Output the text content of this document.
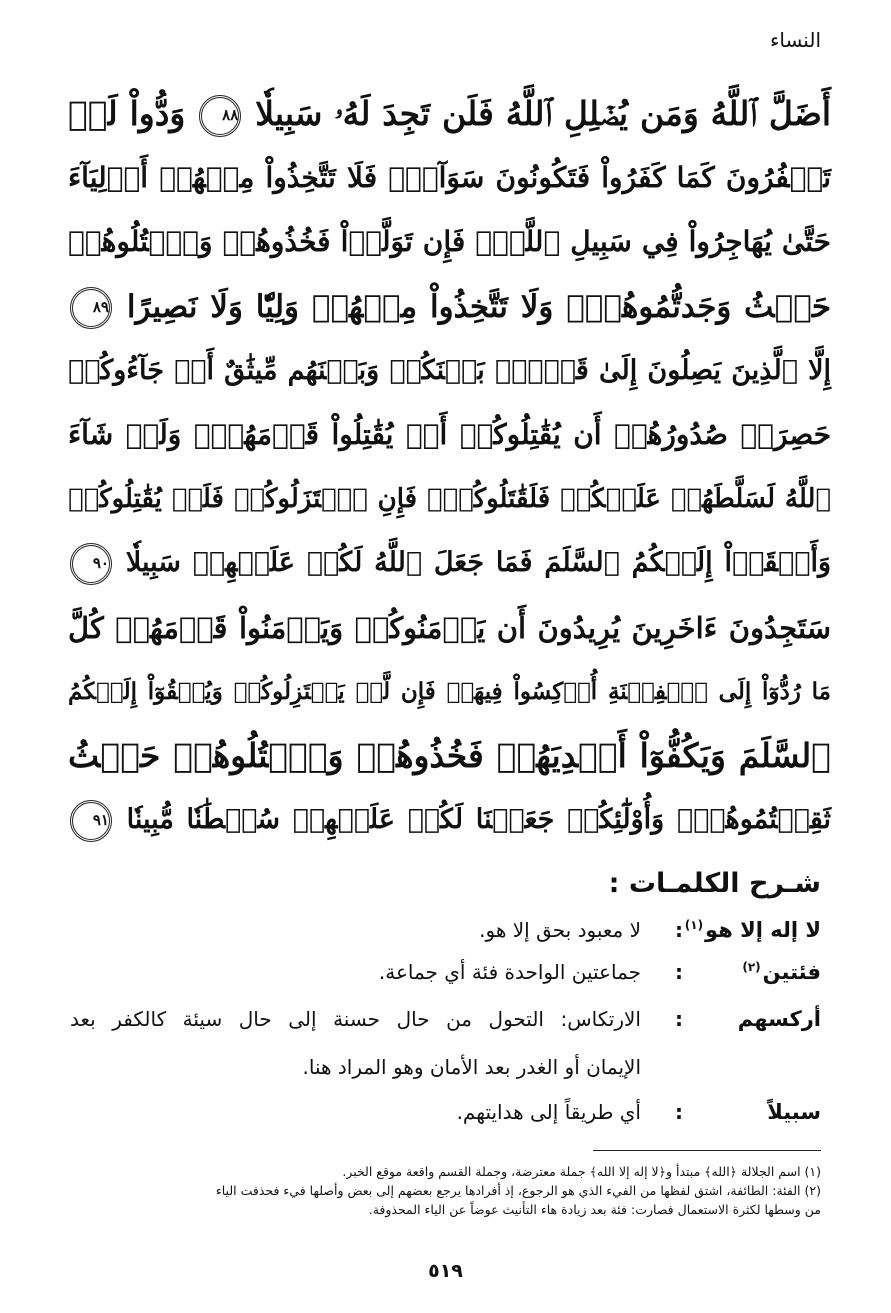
النساء
أَضَلَّ ٱللَّهُ وَمَن يُضۡلِلِ ٱللَّهُ فَلَن تَجِدَ لَهُۥ سَبِيلٗا ٨٨ وَدُّواْ لَوۡ
تَكۡفُرُونَ كَمَا كَفَرُواْ فَتَكُونُونَ سَوَآءٗۖ فَلَا تَتَّخِذُواْ مِنۡهُمۡ أَوۡلِيَآءَ
حَتَّىٰ يُهَاجِرُواْ فِي سَبِيلِ ٱللَّهِۚ فَإِن تَوَلَّوۡاْ فَخُذُوهُمۡ وَٱقۡتُلُوهُمۡ
حَيۡثُ وَجَدتُّمُوهُمۡۖ وَلَا تَتَّخِذُواْ مِنۡهُمۡ وَلِيّٗا وَلَا نَصِيرًا ٨٩
إِلَّا ٱلَّذِينَ يَصِلُونَ إِلَىٰ قَوۡمِۭ بَيۡنَكُمۡ وَبَيۡنَهُم مِّيثَٰقٌ أَوۡ جَآءُوكُمۡ
حَصِرَتۡ صُدُورُهُمۡ أَن يُقَٰتِلُوكُمۡ أَوۡ يُقَٰتِلُواْ قَوۡمَهُمۡۚ وَلَوۡ شَآءَ
ٱللَّهُ لَسَلَّطَهُمۡ عَلَيۡكُمۡ فَلَقَٰتَلُوكُمۡۚ فَإِنِ ٱعۡتَزَلُوكُمۡ فَلَمۡ يُقَٰتِلُوكُمۡ
وَأَلۡقَوۡاْ إِلَيۡكُمُ ٱلسَّلَمَ فَمَا جَعَلَ ٱللَّهُ لَكُمۡ عَلَيۡهِمۡ سَبِيلٗا ٩٠
سَتَجِدُونَ ءَاخَرِينَ يُرِيدُونَ أَن يَأۡمَنُوكُمۡ وَيَأۡمَنُواْ قَوۡمَهُمۡ كُلَّ
مَا رُدُّوٓاْ إِلَى ٱلۡفِتۡنَةِ أُرۡكِسُواْ فِيهَاۚ فَإِن لَّمۡ يَعۡتَزِلُوكُمۡ وَيُلۡقُوٓاْ إِلَيۡكُمُ
ٱلسَّلَمَ وَيَكُفُّوٓاْ أَيۡدِيَهُمۡ فَخُذُوهُمۡ وَٱقۡتُلُوهُمۡ حَيۡثُ
ثَقِفۡتُمُوهُمۡۚ وَأُوْلَٰٓئِكُمۡ جَعَلۡنَا لَكُمۡ عَلَيۡهِمۡ سُلۡطَٰنٗا مُّبِينٗا ٩١
شـرح الكلمـات :
لا إله إلا هو$^{(١)}$
:
لا معبود بحق إلا هو.
فئتين$^{(٢)}$
:
جماعتين الواحدة فئة أي جماعة.
أركسهم
:
الارتكاس: التحول من حال حسنة إلى حال سيئة كالكفر بعد
الإيمان أو الغدر بعد الأمان وهو المراد هنا.
سبيلاً
:
أي طريقاً إلى هدايتهم.
(١) اسم الجلالة ﴿الله﴾ مبتدأ و﴿لا إله إلا الله﴾ جملة معترضة، وجملة القسم واقعة موقع الخبر.
(٢) الفئة: الطائفة، اشتق لفظها من الفيء الذي هو الرجوع، إذ أفرادها يرجع بعضهم إلى بعض وأصلها فيء فحذفت الياء
من وسطها لكثرة الاستعمال فصارت: فئة بعد زيادة هاء التأنيث عوضاً عن الياء المحذوفة.
٥١٩
